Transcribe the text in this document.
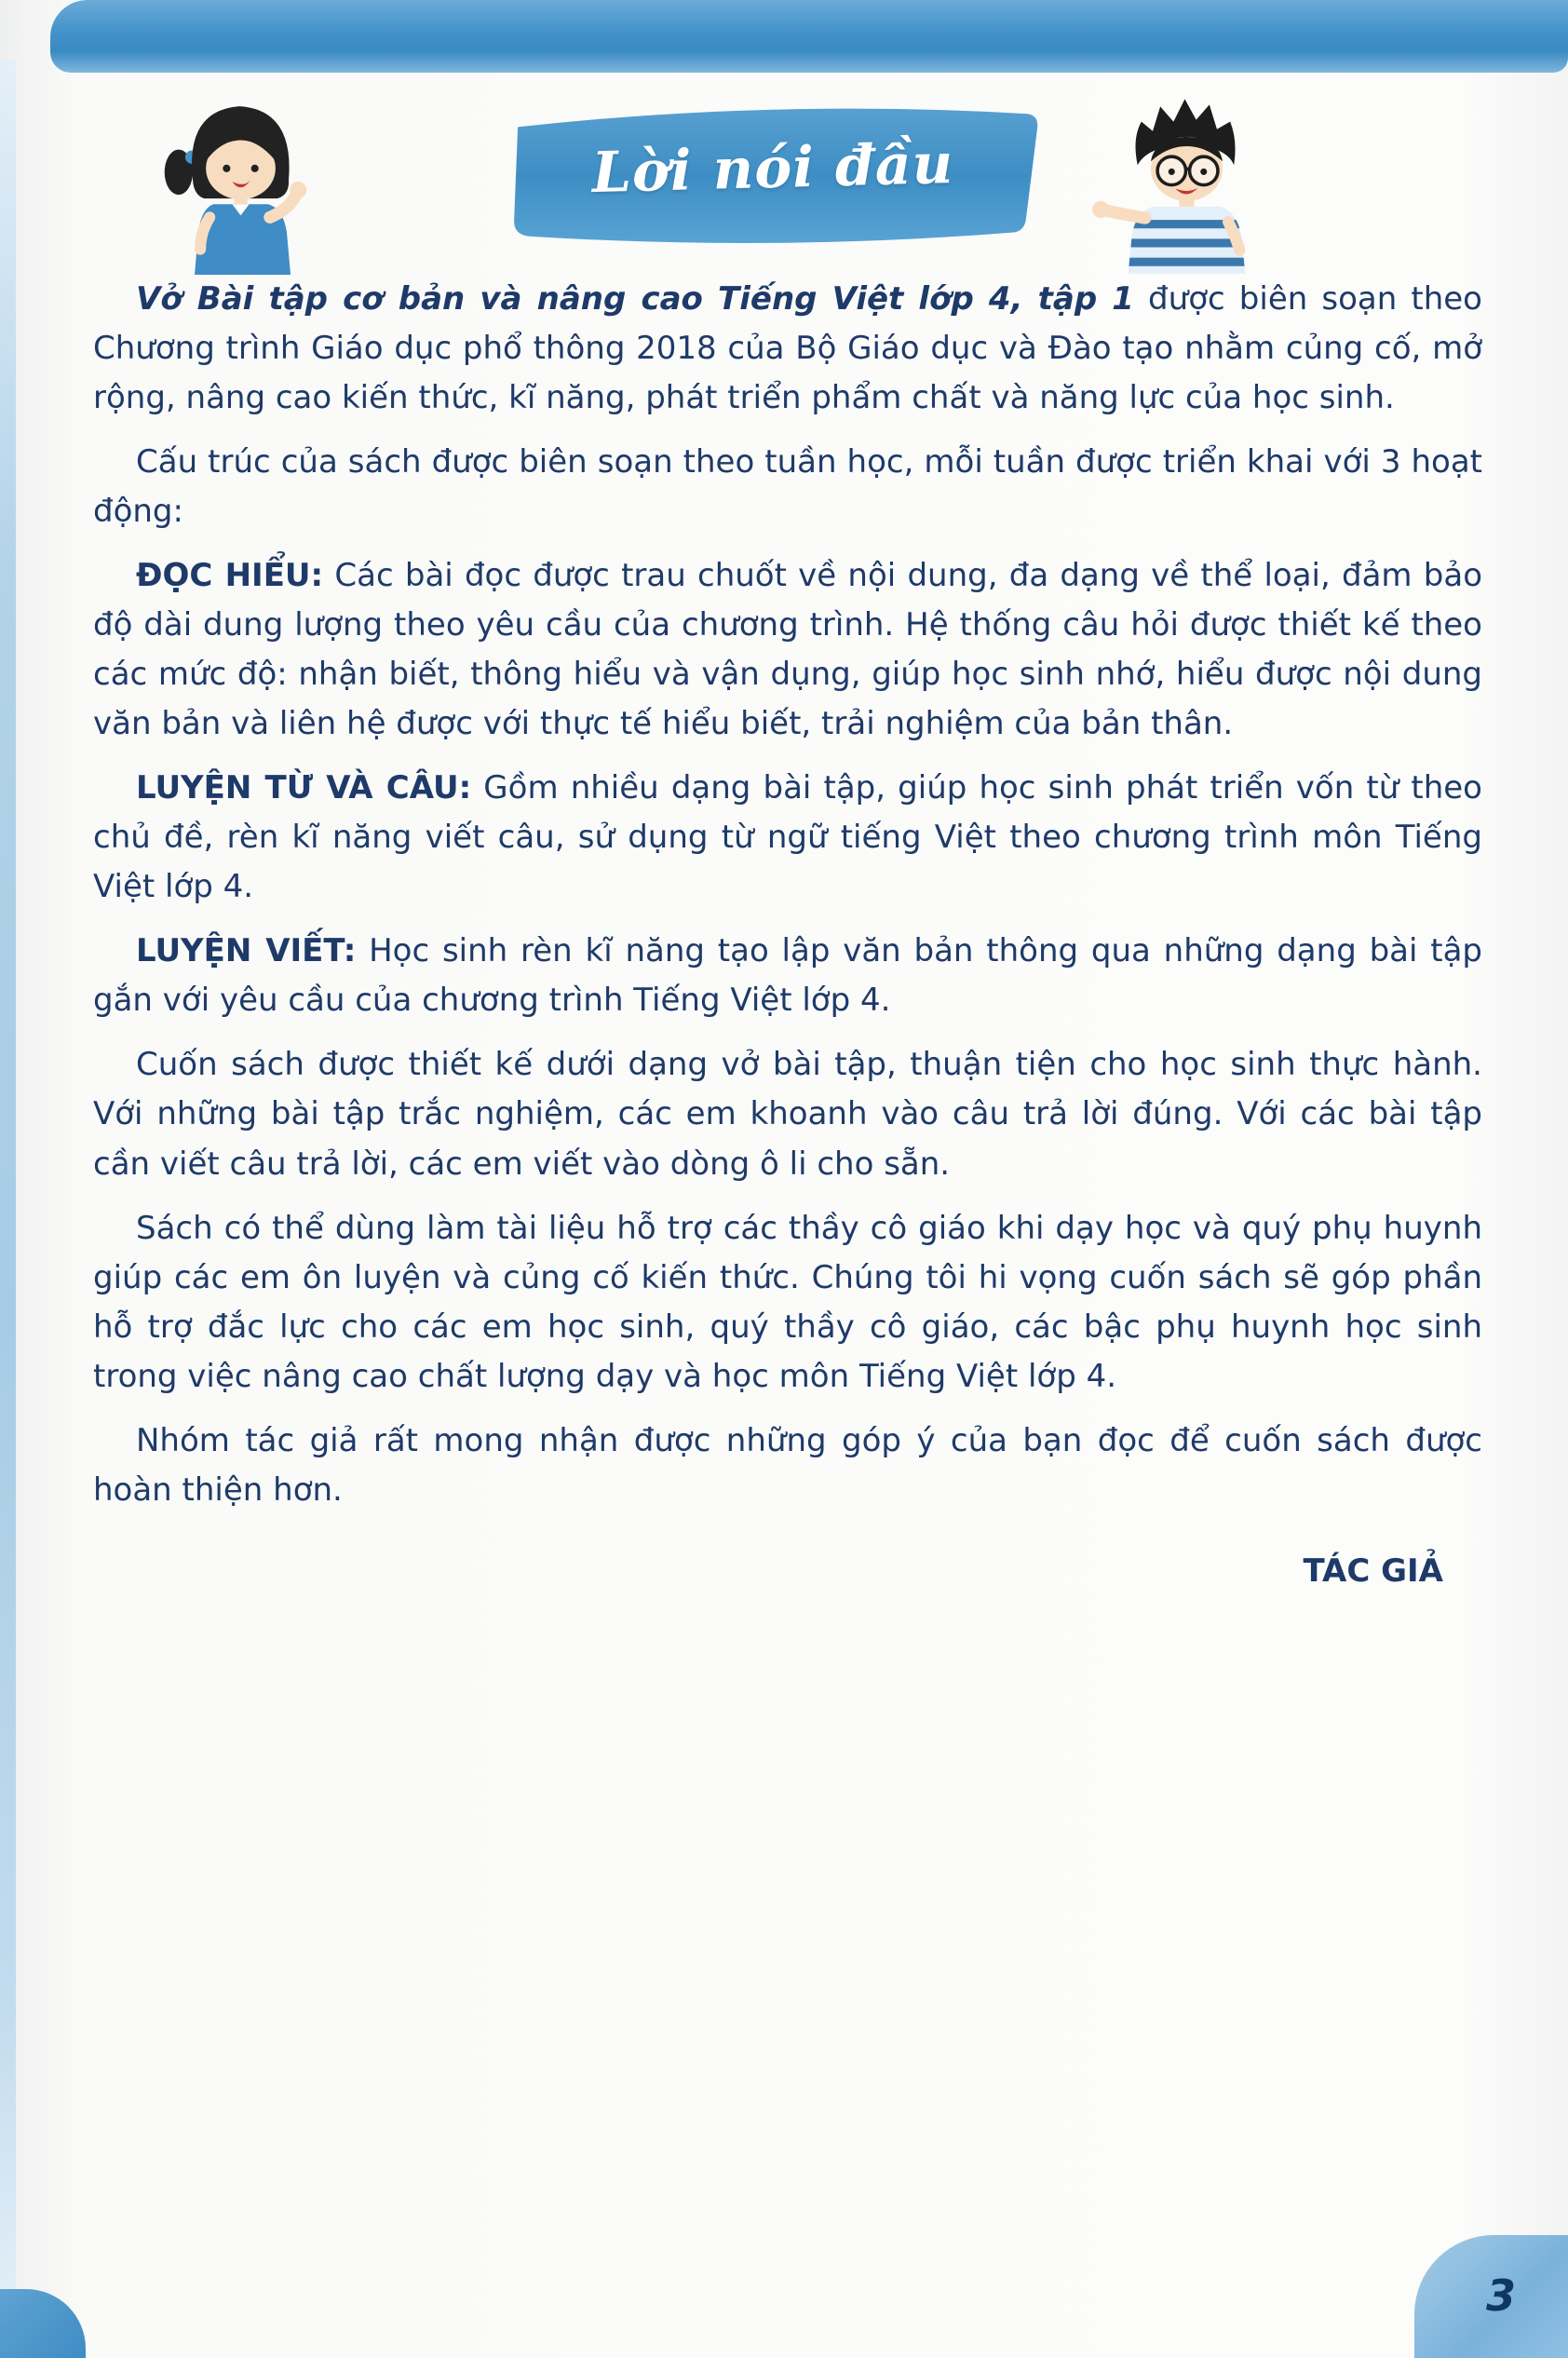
Lời nói đầu

Vở Bài tập cơ bản và nâng cao Tiếng Việt lớp 4, tập 1 được biên soạn theo Chương trình Giáo dục phổ thông 2018 của Bộ Giáo dục và Đào tạo nhằm củng cố, mở rộng, nâng cao kiến thức, kĩ năng, phát triển phẩm chất và năng lực của học sinh.

Cấu trúc của sách được biên soạn theo tuần học, mỗi tuần được triển khai với 3 hoạt động:

ĐỌC HIỂU: Các bài đọc được trau chuốt về nội dung, đa dạng về thể loại, đảm bảo độ dài dung lượng theo yêu cầu của chương trình. Hệ thống câu hỏi được thiết kế theo các mức độ: nhận biết, thông hiểu và vận dụng, giúp học sinh nhớ, hiểu được nội dung văn bản và liên hệ được với thực tế hiểu biết, trải nghiệm của bản thân.

LUYỆN TỪ VÀ CÂU: Gồm nhiều dạng bài tập, giúp học sinh phát triển vốn từ theo chủ đề, rèn kĩ năng viết câu, sử dụng từ ngữ tiếng Việt theo chương trình môn Tiếng Việt lớp 4.

LUYỆN VIẾT: Học sinh rèn kĩ năng tạo lập văn bản thông qua những dạng bài tập gắn với yêu cầu của chương trình Tiếng Việt lớp 4.

Cuốn sách được thiết kế dưới dạng vở bài tập, thuận tiện cho học sinh thực hành. Với những bài tập trắc nghiệm, các em khoanh vào câu trả lời đúng. Với các bài tập cần viết câu trả lời, các em viết vào dòng ô li cho sẵn.

Sách có thể dùng làm tài liệu hỗ trợ các thầy cô giáo khi dạy học và quý phụ huynh giúp các em ôn luyện và củng cố kiến thức. Chúng tôi hi vọng cuốn sách sẽ góp phần hỗ trợ đắc lực cho các em học sinh, quý thầy cô giáo, các bậc phụ huynh học sinh trong việc nâng cao chất lượng dạy và học môn Tiếng Việt lớp 4.

Nhóm tác giả rất mong nhận được những góp ý của bạn đọc để cuốn sách được hoàn thiện hơn.

TÁC GIẢ
3
